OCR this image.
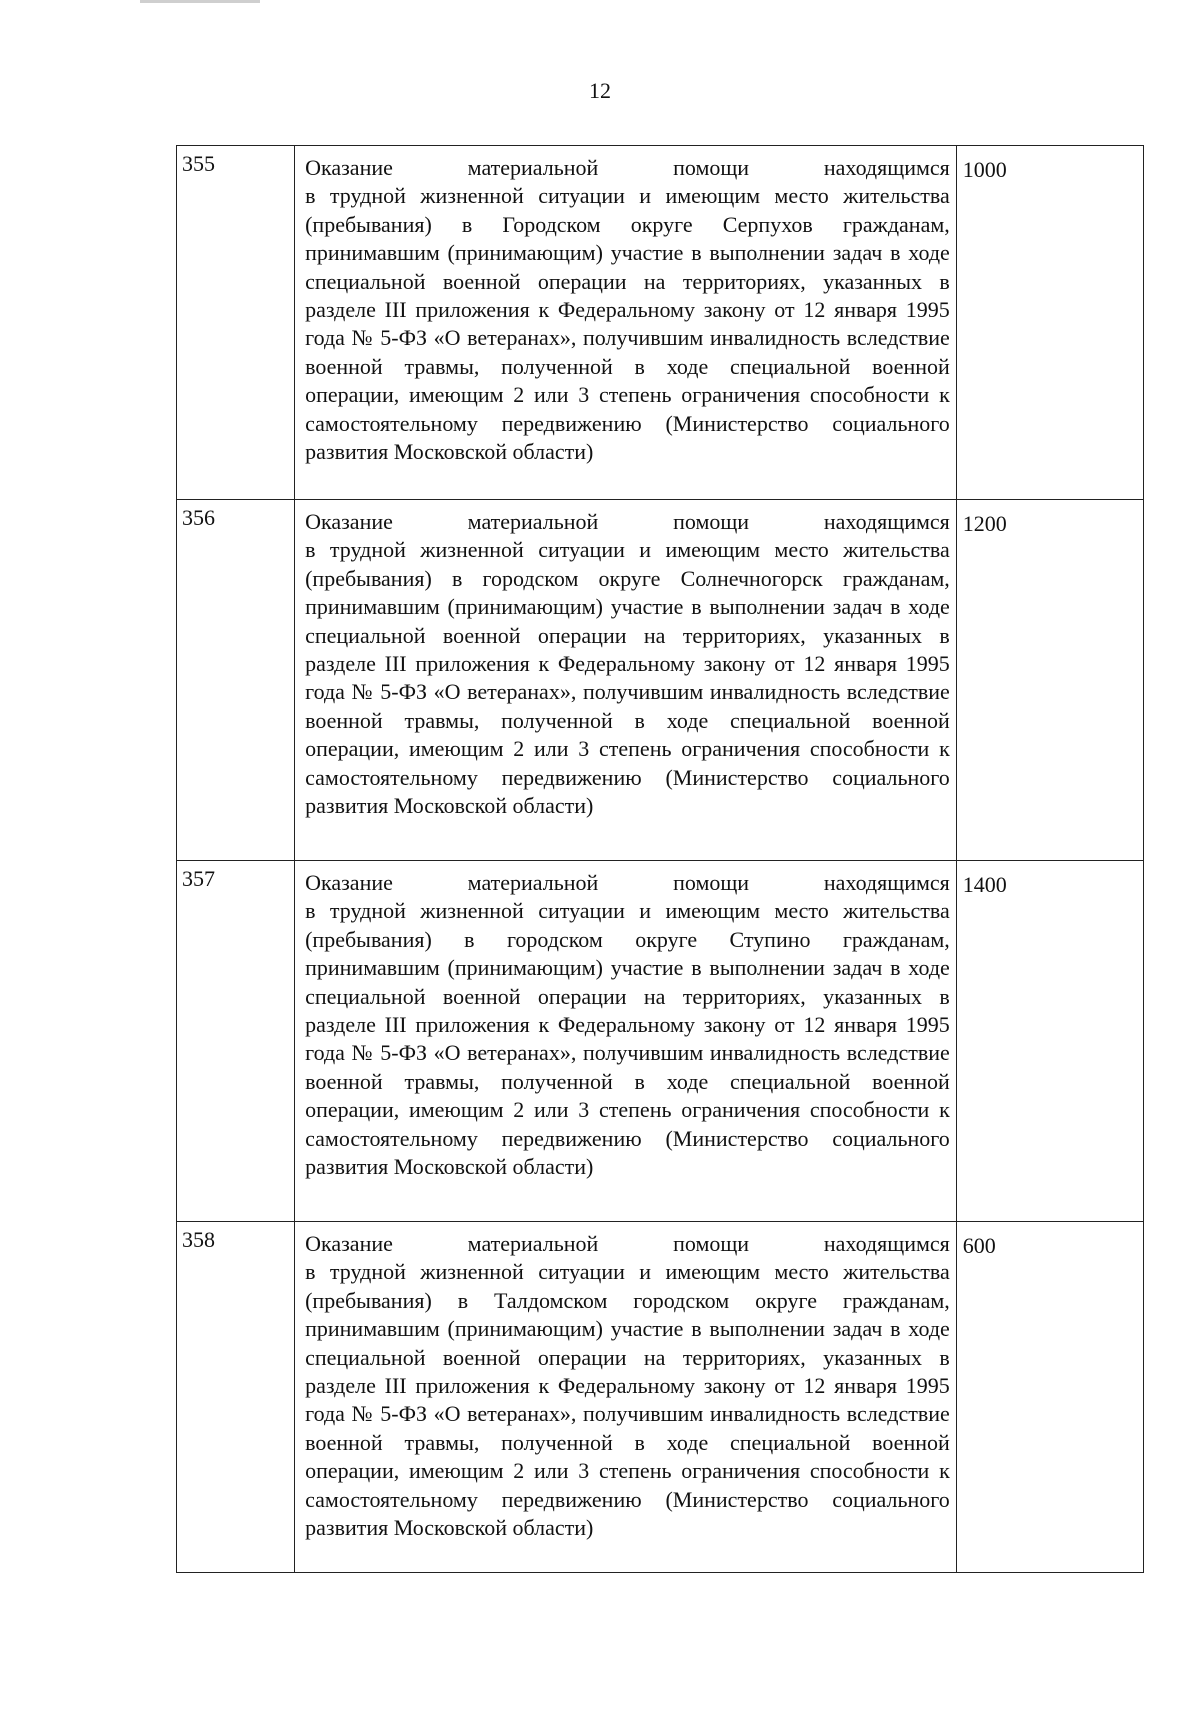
12
355	Оказание материальной помощи находящимся
в трудной жизненной ситуации и имеющим место жительства (пребывания) в Городском округе Серпухов гражданам, принимавшим (принимающим) участие в выполнении задач в ходе специальной военной операции на территориях, указанных в разделе III приложения к Федеральному закону от 12 января 1995 года № 5-ФЗ «О ветеранах», получившим инвалидность вследствие военной травмы, полученной в ходе специальной военной операции, имеющим 2 или 3 степень ограничения способности к самостоятельному передвижению (Министерство социального развития Московской области)	1000

356	Оказание материальной помощи находящимся
в трудной жизненной ситуации и имеющим место жительства (пребывания) в городском округе Солнечногорск гражданам, принимавшим (принимающим) участие в выполнении задач в ходе специальной военной операции на территориях, указанных в разделе III приложения к Федеральному закону от 12 января 1995 года № 5-ФЗ «О ветеранах», получившим инвалидность вследствие военной травмы, полученной в ходе специальной военной операции, имеющим 2 или 3 степень ограничения способности к самостоятельному передвижению (Министерство социального развития Московской области)	1200

357	Оказание материальной помощи находящимся
в трудной жизненной ситуации и имеющим место жительства (пребывания) в городском округе Ступино гражданам, принимавшим (принимающим) участие в выполнении задач в ходе специальной военной операции на территориях, указанных в разделе III приложения к Федеральному закону от 12 января 1995 года № 5-ФЗ «О ветеранах», получившим инвалидность вследствие военной травмы, полученной в ходе специальной военной операции, имеющим 2 или 3 степень ограничения способности к самостоятельному передвижению (Министерство социального развития Московской области)	1400

358	Оказание материальной помощи находящимся
в трудной жизненной ситуации и имеющим место жительства (пребывания) в Талдомском городском округе гражданам, принимавшим (принимающим) участие в выполнении задач в ходе специальной военной операции на территориях, указанных в разделе III приложения к Федеральному закону от 12 января 1995 года № 5-ФЗ «О ветеранах», получившим инвалидность вследствие военной травмы, полученной в ходе специальной военной операции, имеющим 2 или 3 степень ограничения способности к самостоятельному передвижению (Министерство социального развития Московской области)	600
